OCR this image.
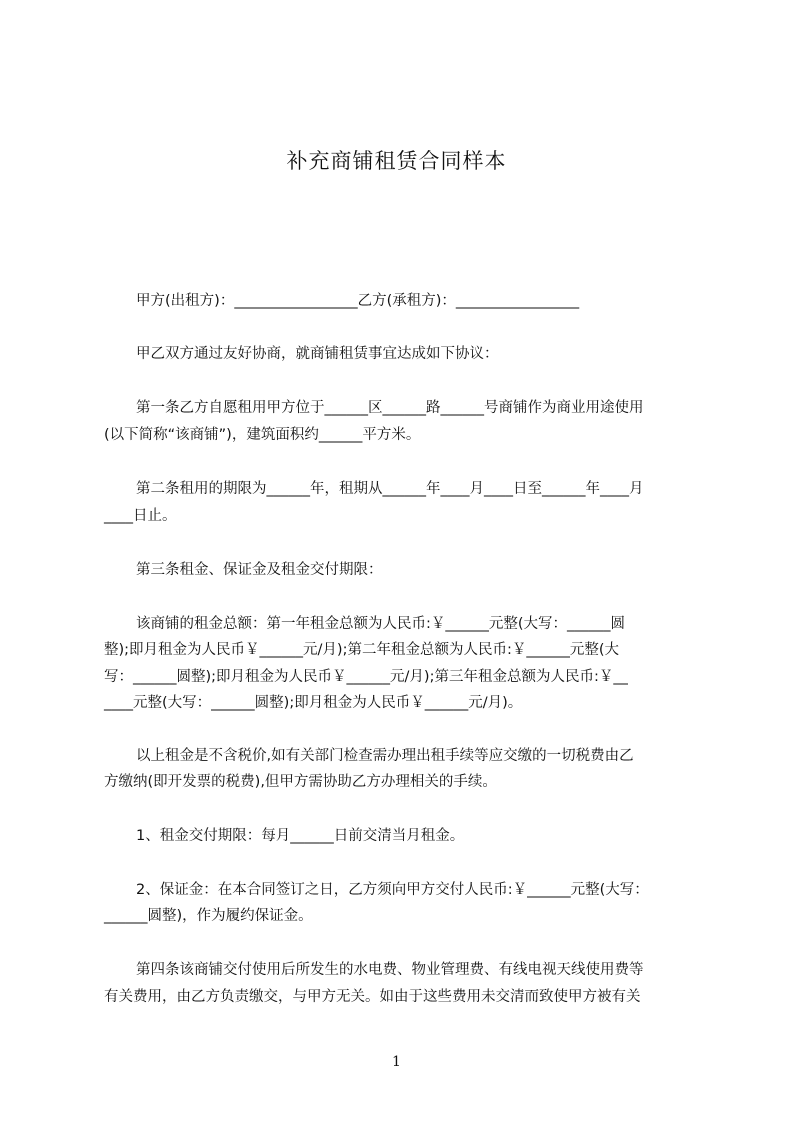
补充商铺租赁合同样本
甲方(出租方)：_________________乙方(承租方)：_________________
甲乙双方通过友好协商，就商铺租赁事宜达成如下协议：
第一条乙方自愿租用甲方位于______区______路______号商铺作为商业用途使用
(以下简称“该商铺”)，建筑面积约______平方米。
第二条租用的期限为______年，租期从______年____月____日至______年____月
____日止。
第三条租金、保证金及租金交付期限：
该商铺的租金总额：第一年租金总额为人民币:￥______元整(大写：______圆
整);即月租金为人民币￥______元/月);第二年租金总额为人民币:￥______元整(大
写：______圆整);即月租金为人民币￥______元/月);第三年租金总额为人民币:￥__
____元整(大写：______圆整);即月租金为人民币￥______元/月)。
以上租金是不含税价,如有关部门检查需办理出租手续等应交缴的一切税费由乙
方缴纳(即开发票的税费),但甲方需协助乙方办理相关的手续。
1、租金交付期限：每月______日前交清当月租金。
2、保证金：在本合同签订之日，乙方须向甲方交付人民币:￥______元整(大写：
______圆整)，作为履约保证金。
第四条该商铺交付使用后所发生的水电费、物业管理费、有线电视天线使用费等
有关费用，由乙方负责缴交，与甲方无关。如由于这些费用未交清而致使甲方被有关
1
